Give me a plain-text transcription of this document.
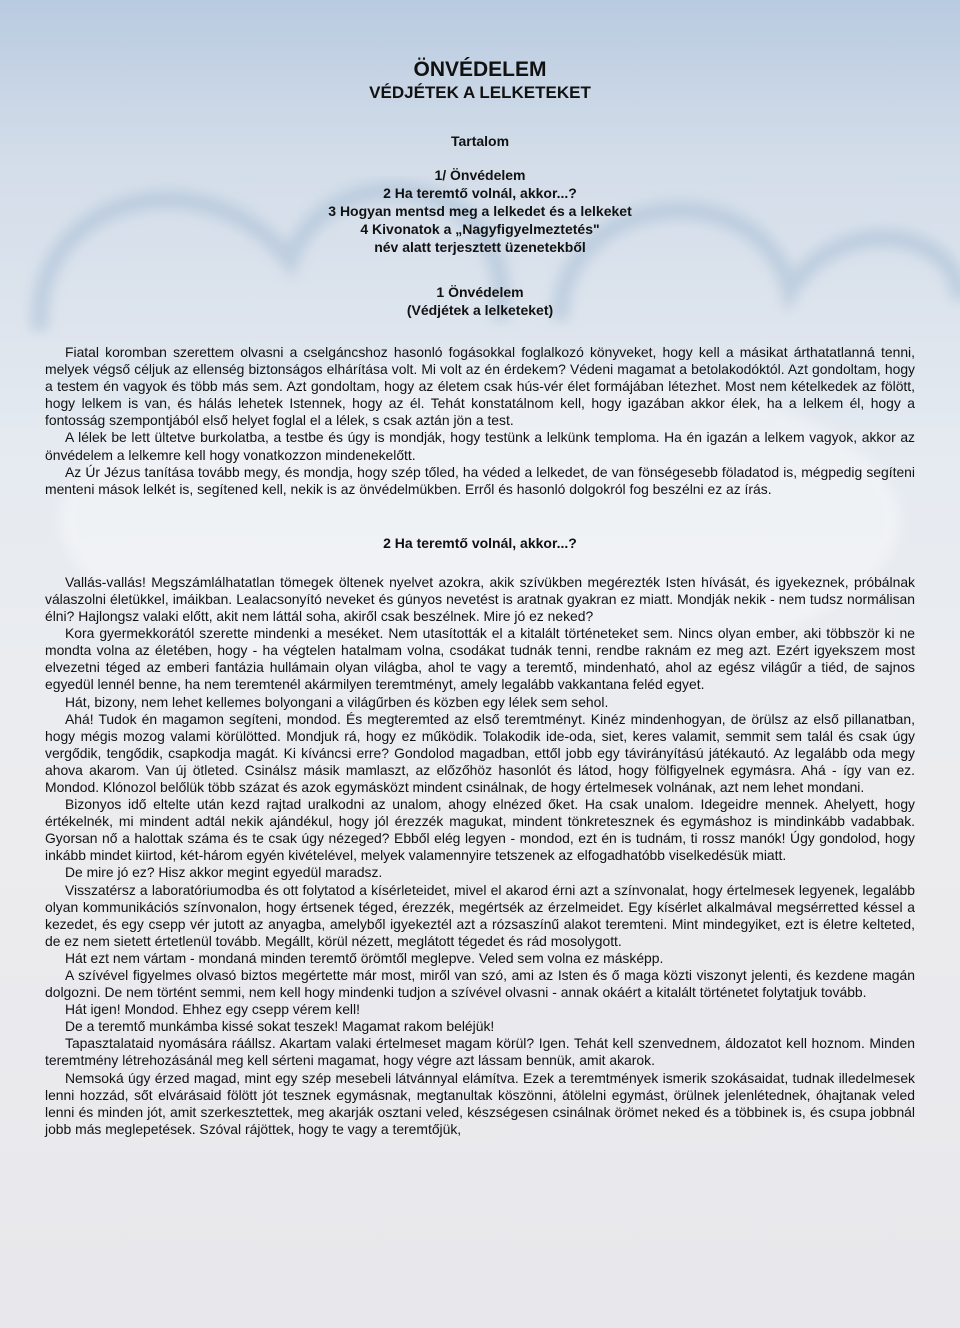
ÖNVÉDELEM
VÉDJÉTEK A LELKETEKET

Tartalom

1/ Önvédelem
2 Ha teremtő volnál, akkor...?
3 Hogyan mentsd meg a lelkedet és a lelkeket
4 Kivonatok a „Nagyfigyelmeztetés"
név alatt terjesztett üzenetekből

1 Önvédelem

(Védjétek a lelketeket)

Fiatal koromban szerettem olvasni a cselgáncshoz hasonló fogásokkal foglalkozó könyveket, hogy kell a másikat árthatatlanná tenni, melyek végső céljuk az ellenség biztonságos elhárítása volt. Mi volt az én érdekem? Védeni magamat a betolakodóktól. Azt gondoltam, hogy a testem én vagyok és több más sem. Azt gondoltam, hogy az életem csak hús-vér élet formájában létezhet. Most nem kételkedek az fölött, hogy lelkem is van, és hálás lehetek Istennek, hogy az él. Tehát konstatálnom kell, hogy igazában akkor élek, ha a lelkem él, hogy a fontosság szempontjából első helyet foglal el a lélek, s csak aztán jön a test.

A lélek be lett ültetve burkolatba, a testbe és úgy is mondják, hogy testünk a lelkünk temploma. Ha én igazán a lelkem vagyok, akkor az önvédelem a lelkemre kell hogy vonatkozzon mindenekelőtt.

Az Úr Jézus tanítása tovább megy, és mondja, hogy szép tőled, ha véded a lelkedet, de van fönségesebb föladatod is, mégpedig segíteni menteni mások lelkét is, segítened kell, nekik is az önvédelmükben. Erről és hasonló dolgokról fog beszélni ez az írás.

2 Ha teremtő volnál, akkor...?

Vallás-vallás! Megszámlálhatatlan tömegek öltenek nyelvet azokra, akik szívükben megérezték Isten hívását, és igyekeznek, próbálnak válaszolni életükkel, imáikban. Lealacsonyító neveket és gúnyos nevetést is aratnak gyakran ez miatt. Mondják nekik - nem tudsz normálisan élni? Hajlongsz valaki előtt, akit nem láttál soha, akiről csak beszélnek. Mire jó ez neked?

Kora gyermekkorától szerette mindenki a meséket. Nem utasították el a kitalált történeteket sem. Nincs olyan ember, aki többször ki ne mondta volna az életében, hogy - ha végtelen hatalmam volna, csodákat tudnák tenni, rendbe raknám ez meg azt. Ezért igyekszem most elvezetni téged az emberi fantázia hullámain olyan világba, ahol te vagy a teremtő, mindenható, ahol az egész világűr a tiéd, de sajnos egyedül lennél benne, ha nem teremtenél akármilyen teremtményt, amely legalább vakkantana feléd egyet.

Hát, bizony, nem lehet kellemes bolyongani a világűrben és közben egy lélek sem sehol.

Ahá! Tudok én magamon segíteni, mondod. És megteremted az első teremtményt. Kinéz mindenhogyan, de örülsz az első pillanatban, hogy mégis mozog valami körülötted. Mondjuk rá, hogy ez működik. Tolakodik ide-oda, siet, keres valamit, semmit sem talál és csak úgy vergődik, tengődik, csapkodja magát. Ki kíváncsi erre? Gondolod magadban, ettől jobb egy távirányítású játékautó. Az legalább oda megy ahova akarom. Van új ötleted. Csinálsz másik mamlaszt, az előzőhöz hasonlót és látod, hogy fölfigyelnek egymásra. Ahá - így van ez. Mondod. Klónozol belőlük több százat és azok egymásközt mindent csinálnak, de hogy értelmesek volnának, azt nem lehet mondani.

Bizonyos idő eltelte után kezd rajtad uralkodni az unalom, ahogy elnézed őket. Ha csak unalom. Idegeidre mennek. Ahelyett, hogy értékelnék, mi mindent adtál nekik ajándékul, hogy jól érezzék magukat, mindent tönkretesznek és egymáshoz is mindinkább vadabbak. Gyorsan nő a halottak száma és te csak úgy nézeged? Ebből elég legyen - mondod, ezt én is tudnám, ti rossz manók! Úgy gondolod, hogy inkább mindet kiirtod, két-három egyén kivételével, melyek valamennyire tetszenek az elfogadhatóbb viselkedésük miatt.

De mire jó ez? Hisz akkor megint egyedül maradsz.

Visszatérsz a laboratóriumodba és ott folytatod a kísérleteidet, mivel el akarod érni azt a színvonalat, hogy értelmesek legyenek, legalább olyan kommunikációs színvonalon, hogy értsenek téged, érezzék, megértsék az érzelmeidet. Egy kísérlet alkalmával megsérretted késsel a kezedet, és egy csepp vér jutott az anyagba, amelyből igyekeztél azt a rózsaszínű alakot teremteni. Mint mindegyiket, ezt is életre kelteted, de ez nem sietett értetlenül tovább. Megállt, körül nézett, meglátott tégedet és rád mosolygott.

Hát ezt nem vártam - mondaná minden teremtő örömtől meglepve. Veled sem volna ez másképp.

A szívével figyelmes olvasó biztos megértette már most, miről van szó, ami az Isten és ő maga közti viszonyt jelenti, és kezdene magán dolgozni. De nem történt semmi, nem kell hogy mindenki tudjon a szívével olvasni - annak okáért a kitalált történetet folytatjuk tovább.

Hát igen! Mondod. Ehhez egy csepp vérem kell!

De a teremtő munkámba kissé sokat teszek! Magamat rakom beléjük!

Tapasztalataid nyomására ráállsz. Akartam valaki értelmeset magam körül? Igen. Tehát kell szenvednem, áldozatot kell hoznom. Minden teremtmény létrehozásánál meg kell sérteni magamat, hogy végre azt lássam bennük, amit akarok.

Nemsoká úgy érzed magad, mint egy szép mesebeli látvánnyal elámítva. Ezek a teremtmények ismerik szokásaidat, tudnak illedelmesek lenni hozzád, sőt elvárásaid fölött jót tesznek egymásnak, megtanultak köszönni, átölelni egymást, örülnek jelenlétednek, óhajtanak veled lenni és minden jót, amit szerkesztettek, meg akarják osztani veled, készségesen csinálnak örömet neked és a többinek is, és csupa jobbnál jobb más meglepetések. Szóval rájöttek, hogy te vagy a teremtőjük,
